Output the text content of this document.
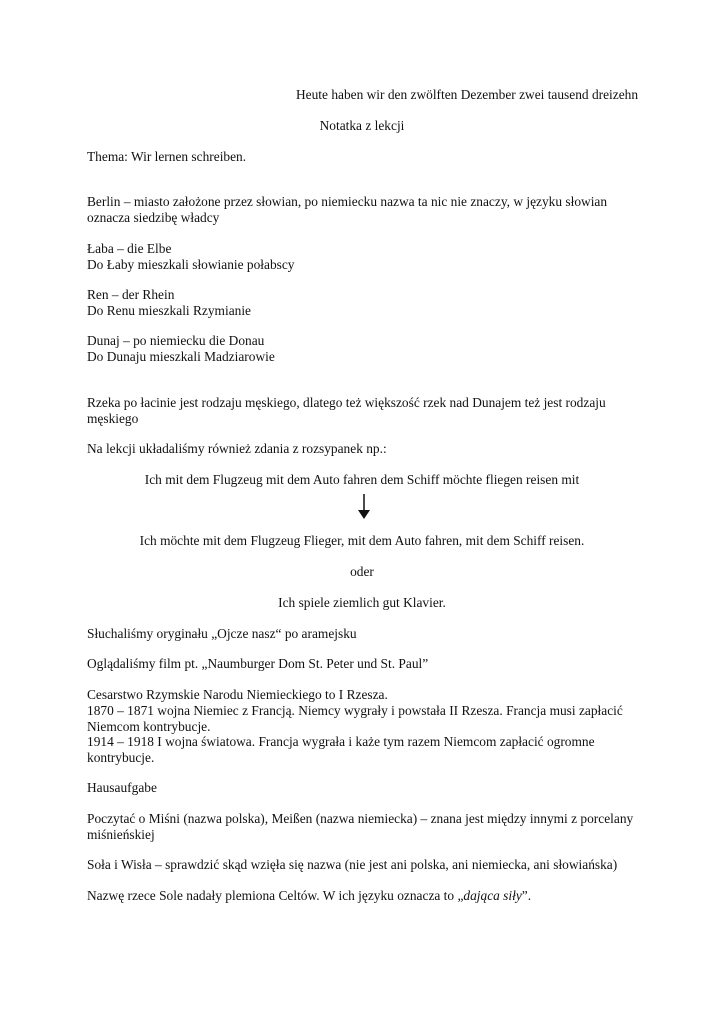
Heute haben wir den zwölften Dezember zwei tausend dreizehn
Notatka z lekcji
Thema: Wir lernen schreiben.
Berlin – miasto założone przez słowian, po niemiecku nazwa ta nic nie znaczy, w języku słowian
oznacza siedzibę władcy
Łaba – die Elbe
Do Łaby mieszkali słowianie połabscy
Ren – der Rhein
Do Renu mieszkali Rzymianie
Dunaj – po niemiecku die Donau
Do Dunaju mieszkali Madziarowie
Rzeka po łacinie jest rodzaju męskiego, dlatego też większość rzek nad Dunajem też jest rodzaju
męskiego
Na lekcji układaliśmy również zdania z rozsypanek np.:
Ich mit dem Flugzeug mit dem Auto fahren dem Schiff möchte fliegen reisen mit
Ich möchte mit dem Flugzeug Flieger, mit dem Auto fahren, mit dem Schiff reisen.
oder
Ich spiele ziemlich gut Klavier.
Słuchaliśmy oryginału „Ojcze nasz“ po aramejsku
Oglądaliśmy film pt. „Naumburger Dom St. Peter und St. Paul”
Cesarstwo Rzymskie Narodu Niemieckiego to I Rzesza.
1870 – 1871 wojna Niemiec z Francją. Niemcy wygrały i powstała II Rzesza. Francja musi zapłacić
Niemcom kontrybucje.
1914 – 1918 I wojna światowa. Francja wygrała i każe tym razem Niemcom zapłacić ogromne
kontrybucje.
Hausaufgabe
Poczytać o Miśni (nazwa polska), Meißen (nazwa niemiecka) – znana jest między innymi z porcelany
miśnieńskiej
Soła i Wisła – sprawdzić skąd wzięła się nazwa (nie jest ani polska, ani niemiecka, ani słowiańska)
Nazwę rzece Sole nadały plemiona Celtów. W ich języku oznacza to „dająca siły”.
